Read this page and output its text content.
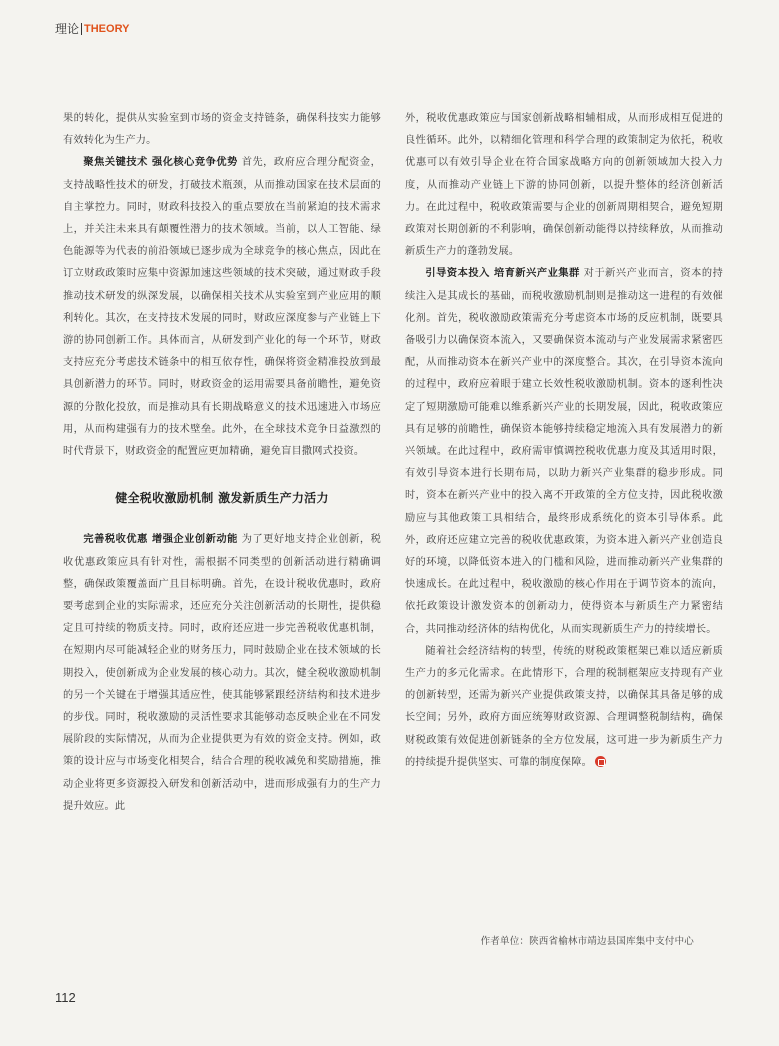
理论 THEORY

果的转化，提供从实验室到市场的资金支持链条，确保科技实力能够有效转化为生产力。

聚焦关键技术 强化核心竞争优势 首先，政府应合理分配资金，支持战略性技术的研发，打破技术瓶颈，从而推动国家在技术层面的自主掌控力。同时，财政科技投入的重点要放在当前紧迫的技术需求上，并关注未来具有颠覆性潜力的技术领域。当前，以人工智能、绿色能源等为代表的前沿领域已逐步成为全球竞争的核心焦点，因此在订立财政政策时应集中资源加速这些领域的技术突破，通过财政手段推动技术研发的纵深发展，以确保相关技术从实验室到产业应用的顺利转化。其次，在支持技术发展的同时，财政应深度参与产业链上下游的协同创新工作。具体而言，从研发到产业化的每一个环节，财政支持应充分考虑技术链条中的相互依存性，确保将资金精准投放到最具创新潜力的环节。同时，财政资金的运用需要具备前瞻性，避免资源的分散化投放，而是推动具有长期战略意义的技术迅速进入市场应用，从而构建强有力的技术壁垒。此外，在全球技术竞争日益激烈的时代背景下，财政资金的配置应更加精确，避免盲目撒网式投资。

健全税收激励机制 激发新质生产力活力

完善税收优惠 增强企业创新动能 为了更好地支持企业创新，税收优惠政策应具有针对性，需根据不同类型的创新活动进行精确调整，确保政策覆盖面广且目标明确。首先，在设计税收优惠时，政府要考虑到企业的实际需求，还应充分关注创新活动的长期性，提供稳定且可持续的物质支持。同时，政府还应进一步完善税收优惠机制，在短期内尽可能减轻企业的财务压力，同时鼓励企业在技术领域的长期投入，使创新成为企业发展的核心动力。其次，健全税收激励机制的另一个关键在于增强其适应性，使其能够紧跟经济结构和技术进步的步伐。同时，税收激励的灵活性要求其能够动态反映企业在不同发展阶段的实际情况，从而为企业提供更为有效的资金支持。例如，政策的设计应与市场变化相契合，结合合理的税收减免和奖励措施，推动企业将更多资源投入研发和创新活动中，进而形成强有力的生产力提升效应。此

外，税收优惠政策应与国家创新战略相辅相成，从而形成相互促进的良性循环。此外，以精细化管理和科学合理的政策制定为依托，税收优惠可以有效引导企业在符合国家战略方向的创新领域加大投入力度，从而推动产业链上下游的协同创新，以提升整体的经济创新活力。在此过程中，税收政策需要与企业的创新周期相契合，避免短期政策对长期创新的不利影响，确保创新动能得以持续释放，从而推动新质生产力的蓬勃发展。

引导资本投入 培育新兴产业集群 对于新兴产业而言，资本的持续注入是其成长的基础，而税收激励机制则是推动这一进程的有效催化剂。首先，税收激励政策需充分考虑资本市场的反应机制，既要具备吸引力以确保资本流入，又要确保资本流动与产业发展需求紧密匹配，从而推动资本在新兴产业中的深度整合。其次，在引导资本流向的过程中，政府应着眼于建立长效性税收激励机制。资本的逐利性决定了短期激励可能难以维系新兴产业的长期发展，因此，税收政策应具有足够的前瞻性，确保资本能够持续稳定地流入具有发展潜力的新兴领域。在此过程中，政府需审慎调控税收优惠力度及其适用时限，有效引导资本进行长期布局，以助力新兴产业集群的稳步形成。同时，资本在新兴产业中的投入离不开政策的全方位支持，因此税收激励应与其他政策工具相结合，最终形成系统化的资本引导体系。此外，政府还应建立完善的税收优惠政策，为资本进入新兴产业创造良好的环境，以降低资本进入的门槛和风险，进而推动新兴产业集群的快速成长。在此过程中，税收激励的核心作用在于调节资本的流向，依托政策设计激发资本的创新动力，使得资本与新质生产力紧密结合，共同推动经济体的结构优化，从而实现新质生产力的持续增长。

随着社会经济结构的转型，传统的财税政策框架已难以适应新质生产力的多元化需求。在此情形下，合理的税制框架应支持现有产业的创新转型，还需为新兴产业提供政策支持，以确保其具备足够的成长空间；另外，政府方面应统筹财政资源、合理调整税制结构，确保财税政策有效促进创新链条的全方位发展，这可进一步为新质生产力的持续提升提供坚实、可靠的制度保障。

作者单位：陕西省榆林市靖边县国库集中支付中心
112
